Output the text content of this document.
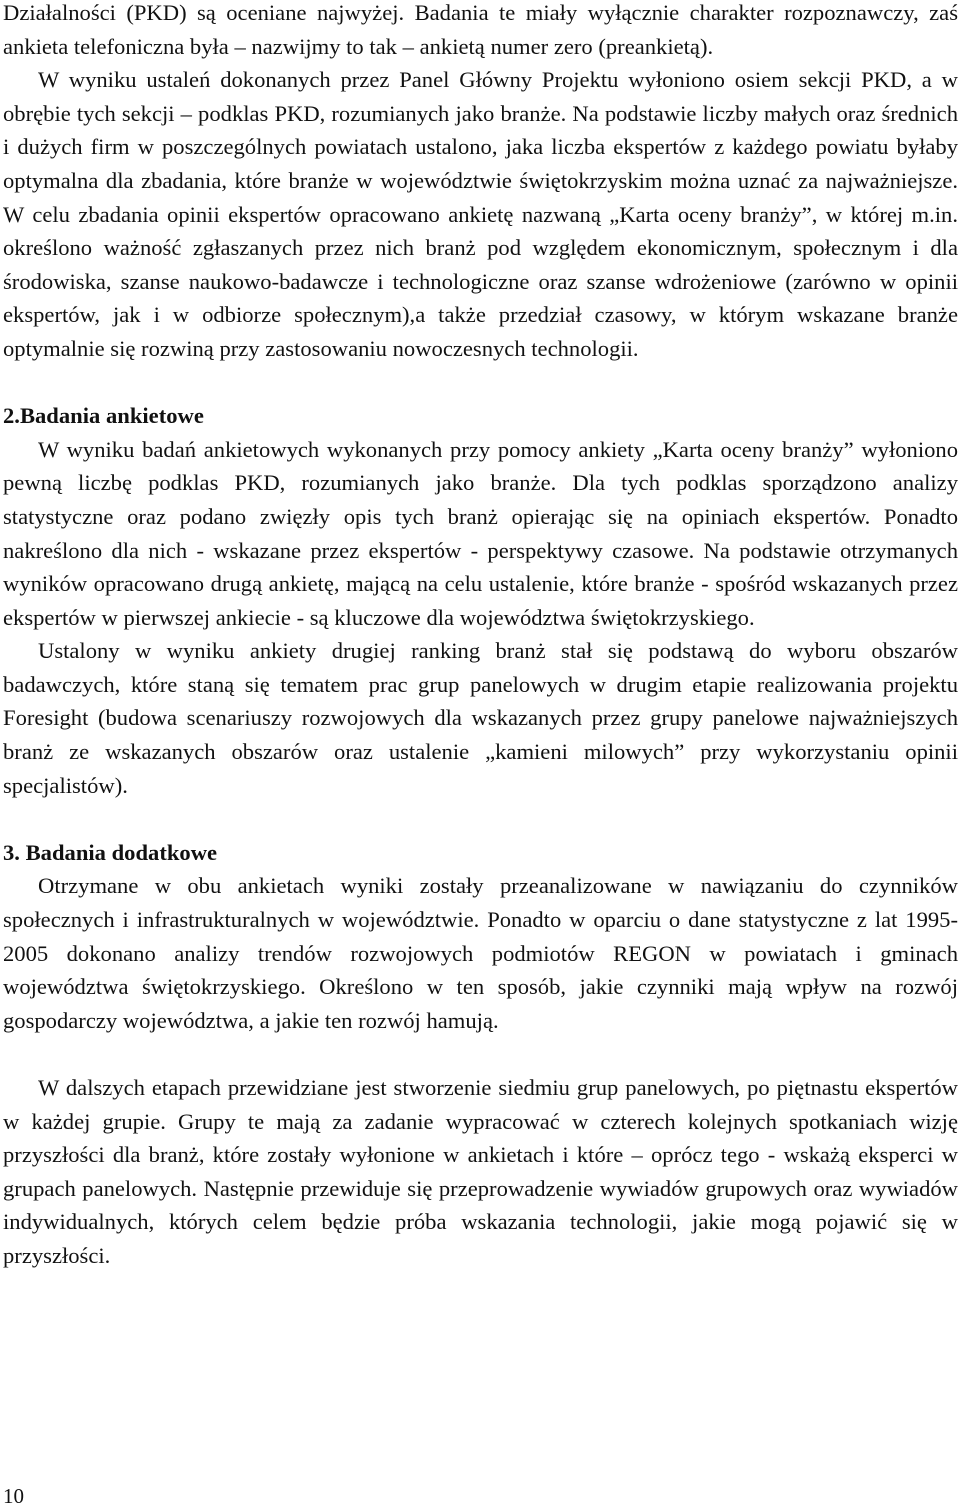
Działalności (PKD) są oceniane najwyżej. Badania te miały wyłącznie charakter rozpoznawczy, zaś ankieta telefoniczna była – nazwijmy to tak – ankietą numer zero (preankietą).

W wyniku ustaleń dokonanych przez Panel Główny Projektu wyłoniono osiem sekcji PKD, a w obrębie tych sekcji – podklas PKD, rozumianych jako branże. Na podstawie liczby małych oraz średnich i dużych firm w poszczególnych powiatach ustalono, jaka liczba ekspertów z każdego powiatu byłaby optymalna dla zbadania, które branże w województwie świętokrzyskim można uznać za najważniejsze. W celu zbadania opinii ekspertów opracowano ankietę nazwaną „Karta oceny branży”, w której m.in. określono ważność zgłaszanych przez nich branż pod względem ekonomicznym, społecznym i dla środowiska, szanse naukowo-badawcze i technologiczne oraz szanse wdrożeniowe (zarówno w opinii ekspertów, jak i w odbiorze społecznym),a także przedział czasowy, w którym wskazane branże optymalnie się rozwiną przy zastosowaniu nowoczesnych technologii.

2.Badania ankietowe

W wyniku badań ankietowych wykonanych przy pomocy ankiety „Karta oceny branży” wyłoniono pewną liczbę podklas PKD, rozumianych jako branże. Dla tych podklas sporządzono analizy statystyczne oraz podano zwięzły opis tych branż opierając się na opiniach ekspertów. Ponadto nakreślono dla nich - wskazane przez ekspertów - perspektywy czasowe. Na podstawie otrzymanych wyników opracowano drugą ankietę, mającą na celu ustalenie, które branże - spośród wskazanych przez ekspertów w pierwszej ankiecie - są kluczowe dla województwa świętokrzyskiego.

Ustalony w wyniku ankiety drugiej ranking branż stał się podstawą do wyboru obszarów badawczych, które staną się tematem prac grup panelowych w drugim etapie realizowania projektu Foresight (budowa scenariuszy rozwojowych dla wskazanych przez grupy panelowe najważniejszych branż ze wskazanych obszarów oraz ustalenie „kamieni milowych” przy wykorzystaniu opinii specjalistów).

3. Badania dodatkowe

Otrzymane w obu ankietach wyniki zostały przeanalizowane w nawiązaniu do czynników społecznych i infrastrukturalnych w województwie. Ponadto w oparciu o dane statystyczne z lat 1995-2005 dokonano analizy trendów rozwojowych podmiotów REGON w powiatach i gminach województwa świętokrzyskiego. Określono w ten sposób, jakie czynniki mają wpływ na rozwój gospodarczy województwa, a jakie ten rozwój hamują.

W dalszych etapach przewidziane jest stworzenie siedmiu grup panelowych, po piętnastu ekspertów w każdej grupie. Grupy te mają za zadanie wypracować w czterech kolejnych spotkaniach wizję przyszłości dla branż, które zostały wyłonione w ankietach i które – oprócz tego - wskażą eksperci w grupach panelowych. Następnie przewiduje się przeprowadzenie wywiadów grupowych oraz wywiadów indywidualnych, których celem będzie próba wskazania technologii, jakie mogą pojawić się w przyszłości.

10
